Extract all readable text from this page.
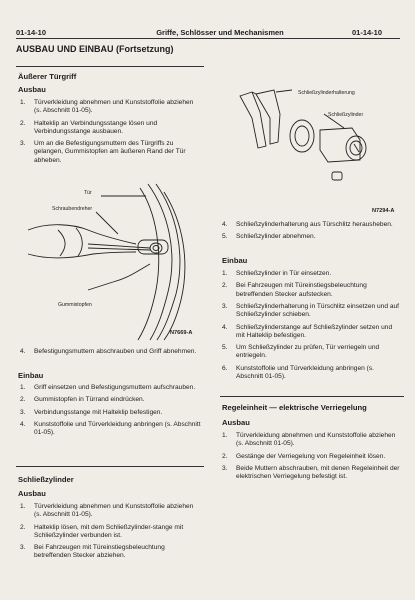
01-14-10	Griffe, Schlösser und Mechanismen	01-14-10
AUSBAU UND EINBAU (Fortsetzung)
Äußerer Türgriff
Ausbau
1. Türverkleidung abnehmen und Kunststoffolie abziehen (s. Abschnitt 01-05).
2. Halteklip an Verbindungsstange lösen und Verbindungsstange ausbauen.
3. Um an die Befestigungsmuttern des Türgriffs zu gelangen, Gummistopfen am äußeren Rand der Tür abheben.
Tür
Schraubendreher
Gummistopfen
N7669-A
4. Befestigungsmuttern abschrauben und Griff abnehmen.
Einbau
1. Griff einsetzen und Befestigungsmuttern aufschrauben.
2. Gummistopfen in Türrand eindrücken.
3. Verbindungsstange mit Halteklip befestigen.
4. Kunststoffolie und Türverkleidung anbringen (s. Abschnitt 01-05).
Schließzylinder
Ausbau
1. Türverkleidung abnehmen und Kunststoffolie abziehen (s. Abschnitt 01-05).
2. Halteklip lösen, mit dem Schließzylinder-stange mit Schließzylinder verbunden ist.
3. Bei Fahrzeugen mit Türeinstiegsbeleuchtung betreffenden Stecker abziehen.
Schließzylinderhalterung
Schließzylinder
N7294-A
4. Schließzylinderhalterung aus Türschlitz herausheben.
5. Schließzylinder abnehmen.
Einbau
1. Schließzylinder in Tür einsetzen.
2. Bei Fahrzeugen mit Türeinstiegsbeleuchtung betreffenden Stecker aufstecken.
3. Schließzylinderhalterung in Türschlitz einsetzen und auf Schließzylinder schieben.
4. Schließzylinderstange auf Schließzylinder setzen und mit Halteklip befestigen.
5. Um Schließzylinder zu prüfen, Tür verriegeln und entriegeln.
6. Kunststoffolie und Türverkleidung anbringen (s. Abschnitt 01-05).
Regeleinheit — elektrische Verriegelung
Ausbau
1. Türverkleidung abnehmen und Kunststoffolie abziehen (s. Abschnitt 01-05).
2. Gestänge der Verriegelung von Regeleinheit lösen.
3. Beide Muttern abschrauben, mit denen Regeleinheit der elektrischen Verriegelung befestigt ist.
